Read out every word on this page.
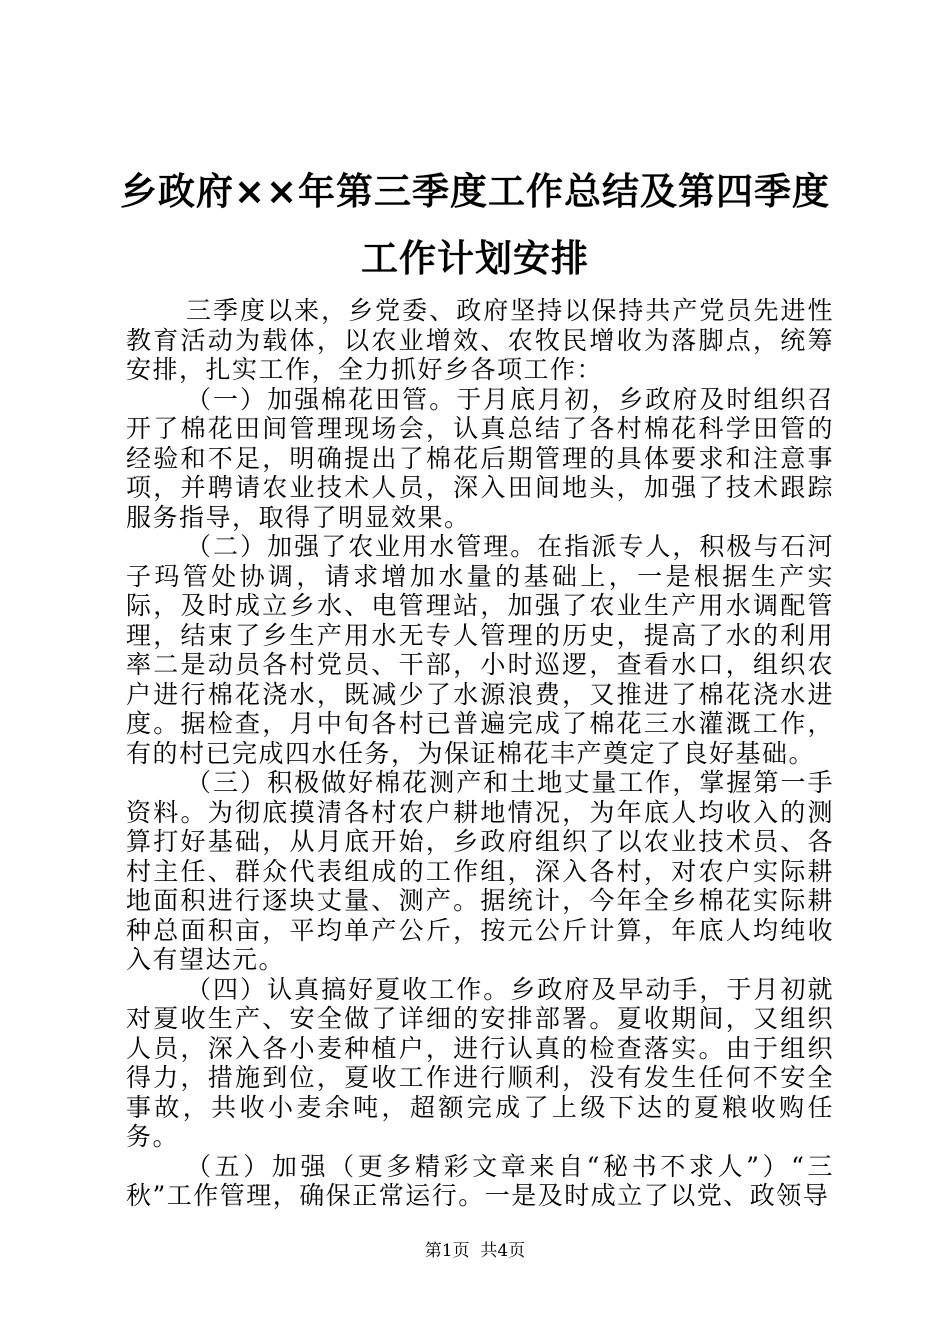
乡政府××年第三季度工作总结及第四季度工作计划安排

三季度以来，乡党委、政府坚持以保持共产党员先进性教育活动为载体，以农业增效、农牧民增收为落脚点，统筹安排，扎实工作，全力抓好乡各项工作：

（一）加强棉花田管。于月底月初，乡政府及时组织召开了棉花田间管理现场会，认真总结了各村棉花科学田管的经验和不足，明确提出了棉花后期管理的具体要求和注意事项，并聘请农业技术人员，深入田间地头，加强了技术跟踪服务指导，取得了明显效果。

（二）加强了农业用水管理。在指派专人，积极与石河子玛管处协调，请求增加水量的基础上，一是根据生产实际，及时成立乡水、电管理站，加强了农业生产用水调配管理，结束了乡生产用水无专人管理的历史，提高了水的利用率二是动员各村党员、干部，小时巡逻，查看水口，组织农户进行棉花浇水，既减少了水源浪费，又推进了棉花浇水进度。据检查，月中旬各村已普遍完成了棉花三水灌溉工作，有的村已完成四水任务，为保证棉花丰产奠定了良好基础。

（三）积极做好棉花测产和土地丈量工作，掌握第一手资料。为彻底摸清各村农户耕地情况，为年底人均收入的测算打好基础，从月底开始，乡政府组织了以农业技术员、各村主任、群众代表组成的工作组，深入各村，对农户实际耕地面积进行逐块丈量、测产。据统计，今年全乡棉花实际耕种总面积亩，平均单产公斤，按元公斤计算，年底人均纯收入有望达元。

（四）认真搞好夏收工作。乡政府及早动手，于月初就对夏收生产、安全做了详细的安排部署。夏收期间，又组织人员，深入各小麦种植户，进行认真的检查落实。由于组织得力，措施到位，夏收工作进行顺利，没有发生任何不安全事故，共收小麦余吨，超额完成了上级下达的夏粮收购任务。

（五）加强（更多精彩文章来自“秘书不求人”）“三秋”工作管理，确保正常运行。一是及时成立了以党、政领导

第1页 共4页
